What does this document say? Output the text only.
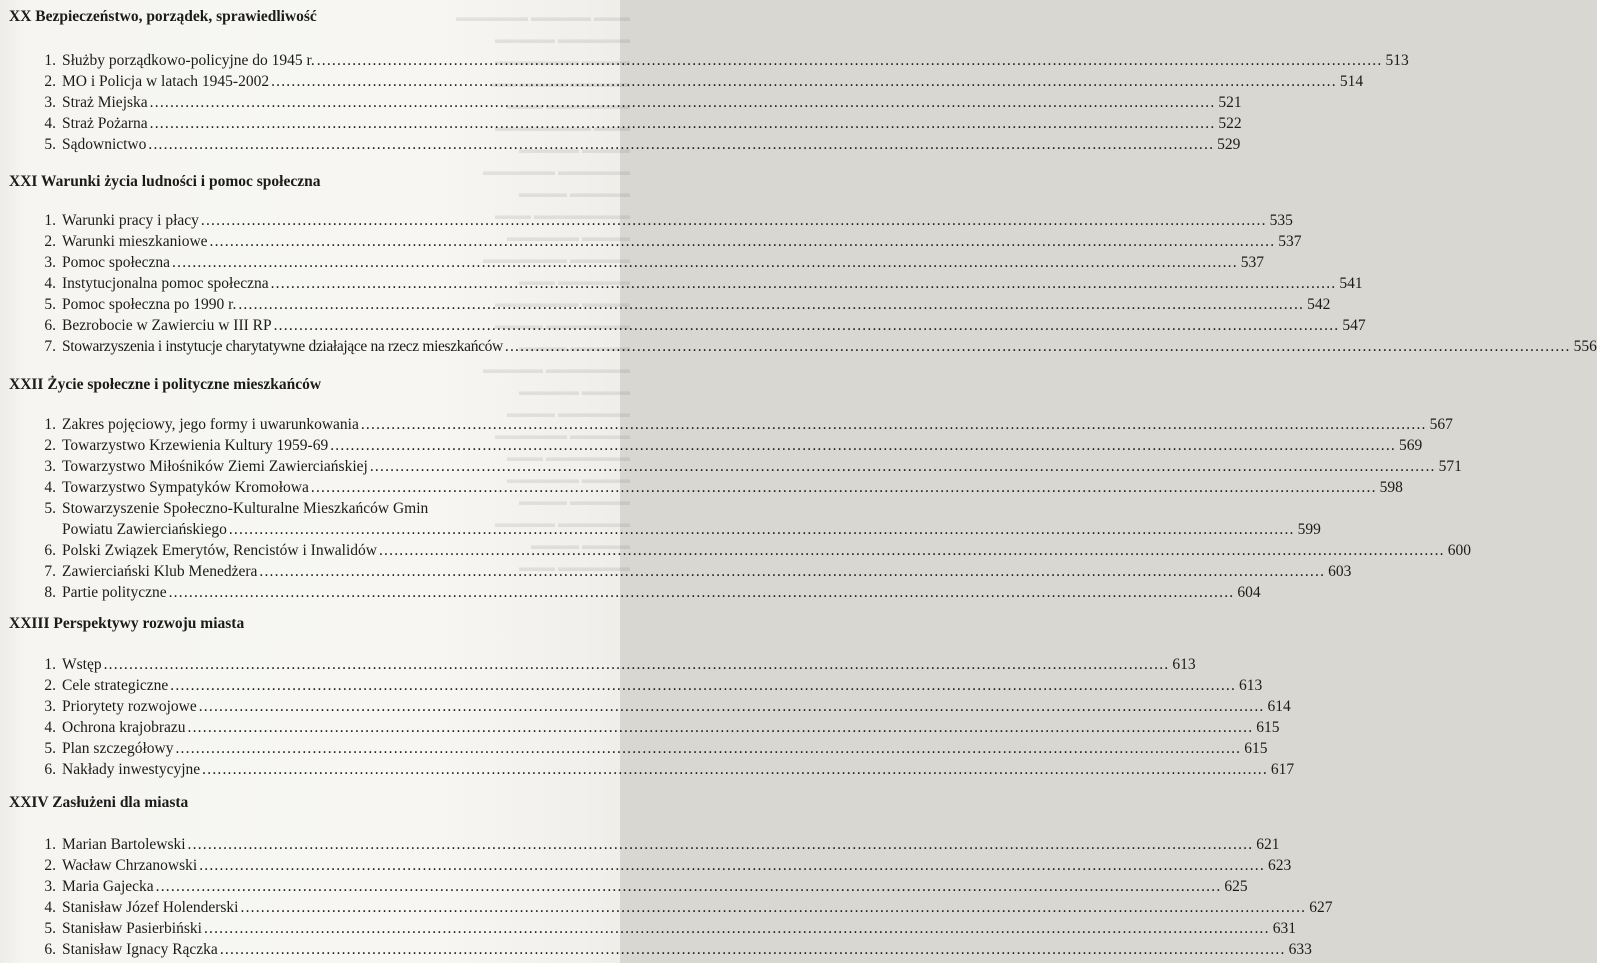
▬▬▬ ▬▬▬▬▬ ▬▬▬▬▬▬
▬▬▬▬▬▬ ▬▬▬▬▬
▬▬▬▬ ▬▬▬▬▬▬▬
▬▬▬▬▬ ▬▬▬▬ ▬▬
▬▬▬▬▬▬▬ ▬▬▬
▬▬▬ ▬▬▬▬▬▬▬▬
▬▬▬▬ ▬▬▬▬▬
▬▬▬▬▬▬ ▬▬▬▬▬▬
▬▬▬▬▬ ▬▬▬▬
▬▬▬▬▬▬▬▬ ▬▬▬
▬▬▬▬ ▬▬▬▬▬▬
▬▬▬▬▬ ▬▬▬▬▬▬▬
▬▬▬▬▬▬ ▬▬▬
▬▬▬▬ ▬▬▬▬▬▬▬
▬▬▬▬▬▬▬ ▬▬▬▬
▬▬▬▬▬ ▬▬▬▬
▬▬▬▬▬▬▬ ▬▬▬▬▬
▬▬▬▬ ▬▬▬▬▬
▬▬▬▬▬▬ ▬▬▬▬
▬▬▬▬▬ ▬▬▬▬▬▬
▬▬▬▬▬▬▬ ▬▬▬
▬▬▬▬ ▬▬▬▬▬▬
▬▬▬▬▬ ▬▬▬▬
▬▬▬▬▬▬ ▬▬▬▬▬
▬▬▬▬ ▬▬▬▬
▬▬▬▬▬▬ ▬▬▬
XX Bezpieczeństwo, porządek, sprawiedliwość
1. Służby porządkowo-policyjne do 1945 r. .....	513
2. MO i Policja w latach 1945-2002 .....	514
3. Straż Miejska .....	521
4. Straż Pożarna .....	522
5. Sądownictwo .....	529
XXI Warunki życia ludności i pomoc społeczna
1. Warunki pracy i płacy .....	535
2. Warunki mieszkaniowe .....	537
3. Pomoc społeczna .....	537
4. Instytucjonalna pomoc społeczna .....	541
5. Pomoc społeczna po 1990 r. .....	542
6. Bezrobocie w Zawierciu w III RP .....	547
7. Stowarzyszenia i instytucje charytatywne działające na rzecz mieszkańców .....	556
XXII Życie społeczne i polityczne mieszkańców
1. Zakres pojęciowy, jego formy i uwarunkowania .....	567
2. Towarzystwo Krzewienia Kultury 1959-69 .....	569
3. Towarzystwo Miłośników Ziemi Zawierciańskiej .....	571
4. Towarzystwo Sympatyków Kromołowa .....	598
5. Stowarzyszenie Społeczno-Kulturalne Mieszkańców Gmin
Powiatu Zawierciańskiego .....	599
6. Polski Związek Emerytów, Rencistów i Inwalidów .....	600
7. Zawierciański Klub Menedżera .....	603
8. Partie polityczne .....	604
XXIII Perspektywy rozwoju miasta
1. Wstęp .....	613
2. Cele strategiczne .....	613
3. Priorytety rozwojowe .....	614
4. Ochrona krajobrazu .....	615
5. Plan szczegółowy .....	615
6. Nakłady inwestycyjne .....	617
XXIV Zasłużeni dla miasta
1. Marian Bartolewski .....	621
2. Wacław Chrzanowski .....	623
3. Maria Gajecka .....	625
4. Stanisław Józef Holenderski .....	627
5. Stanisław Pasierbiński .....	631
6. Stanisław Ignacy Rączka .....	633
